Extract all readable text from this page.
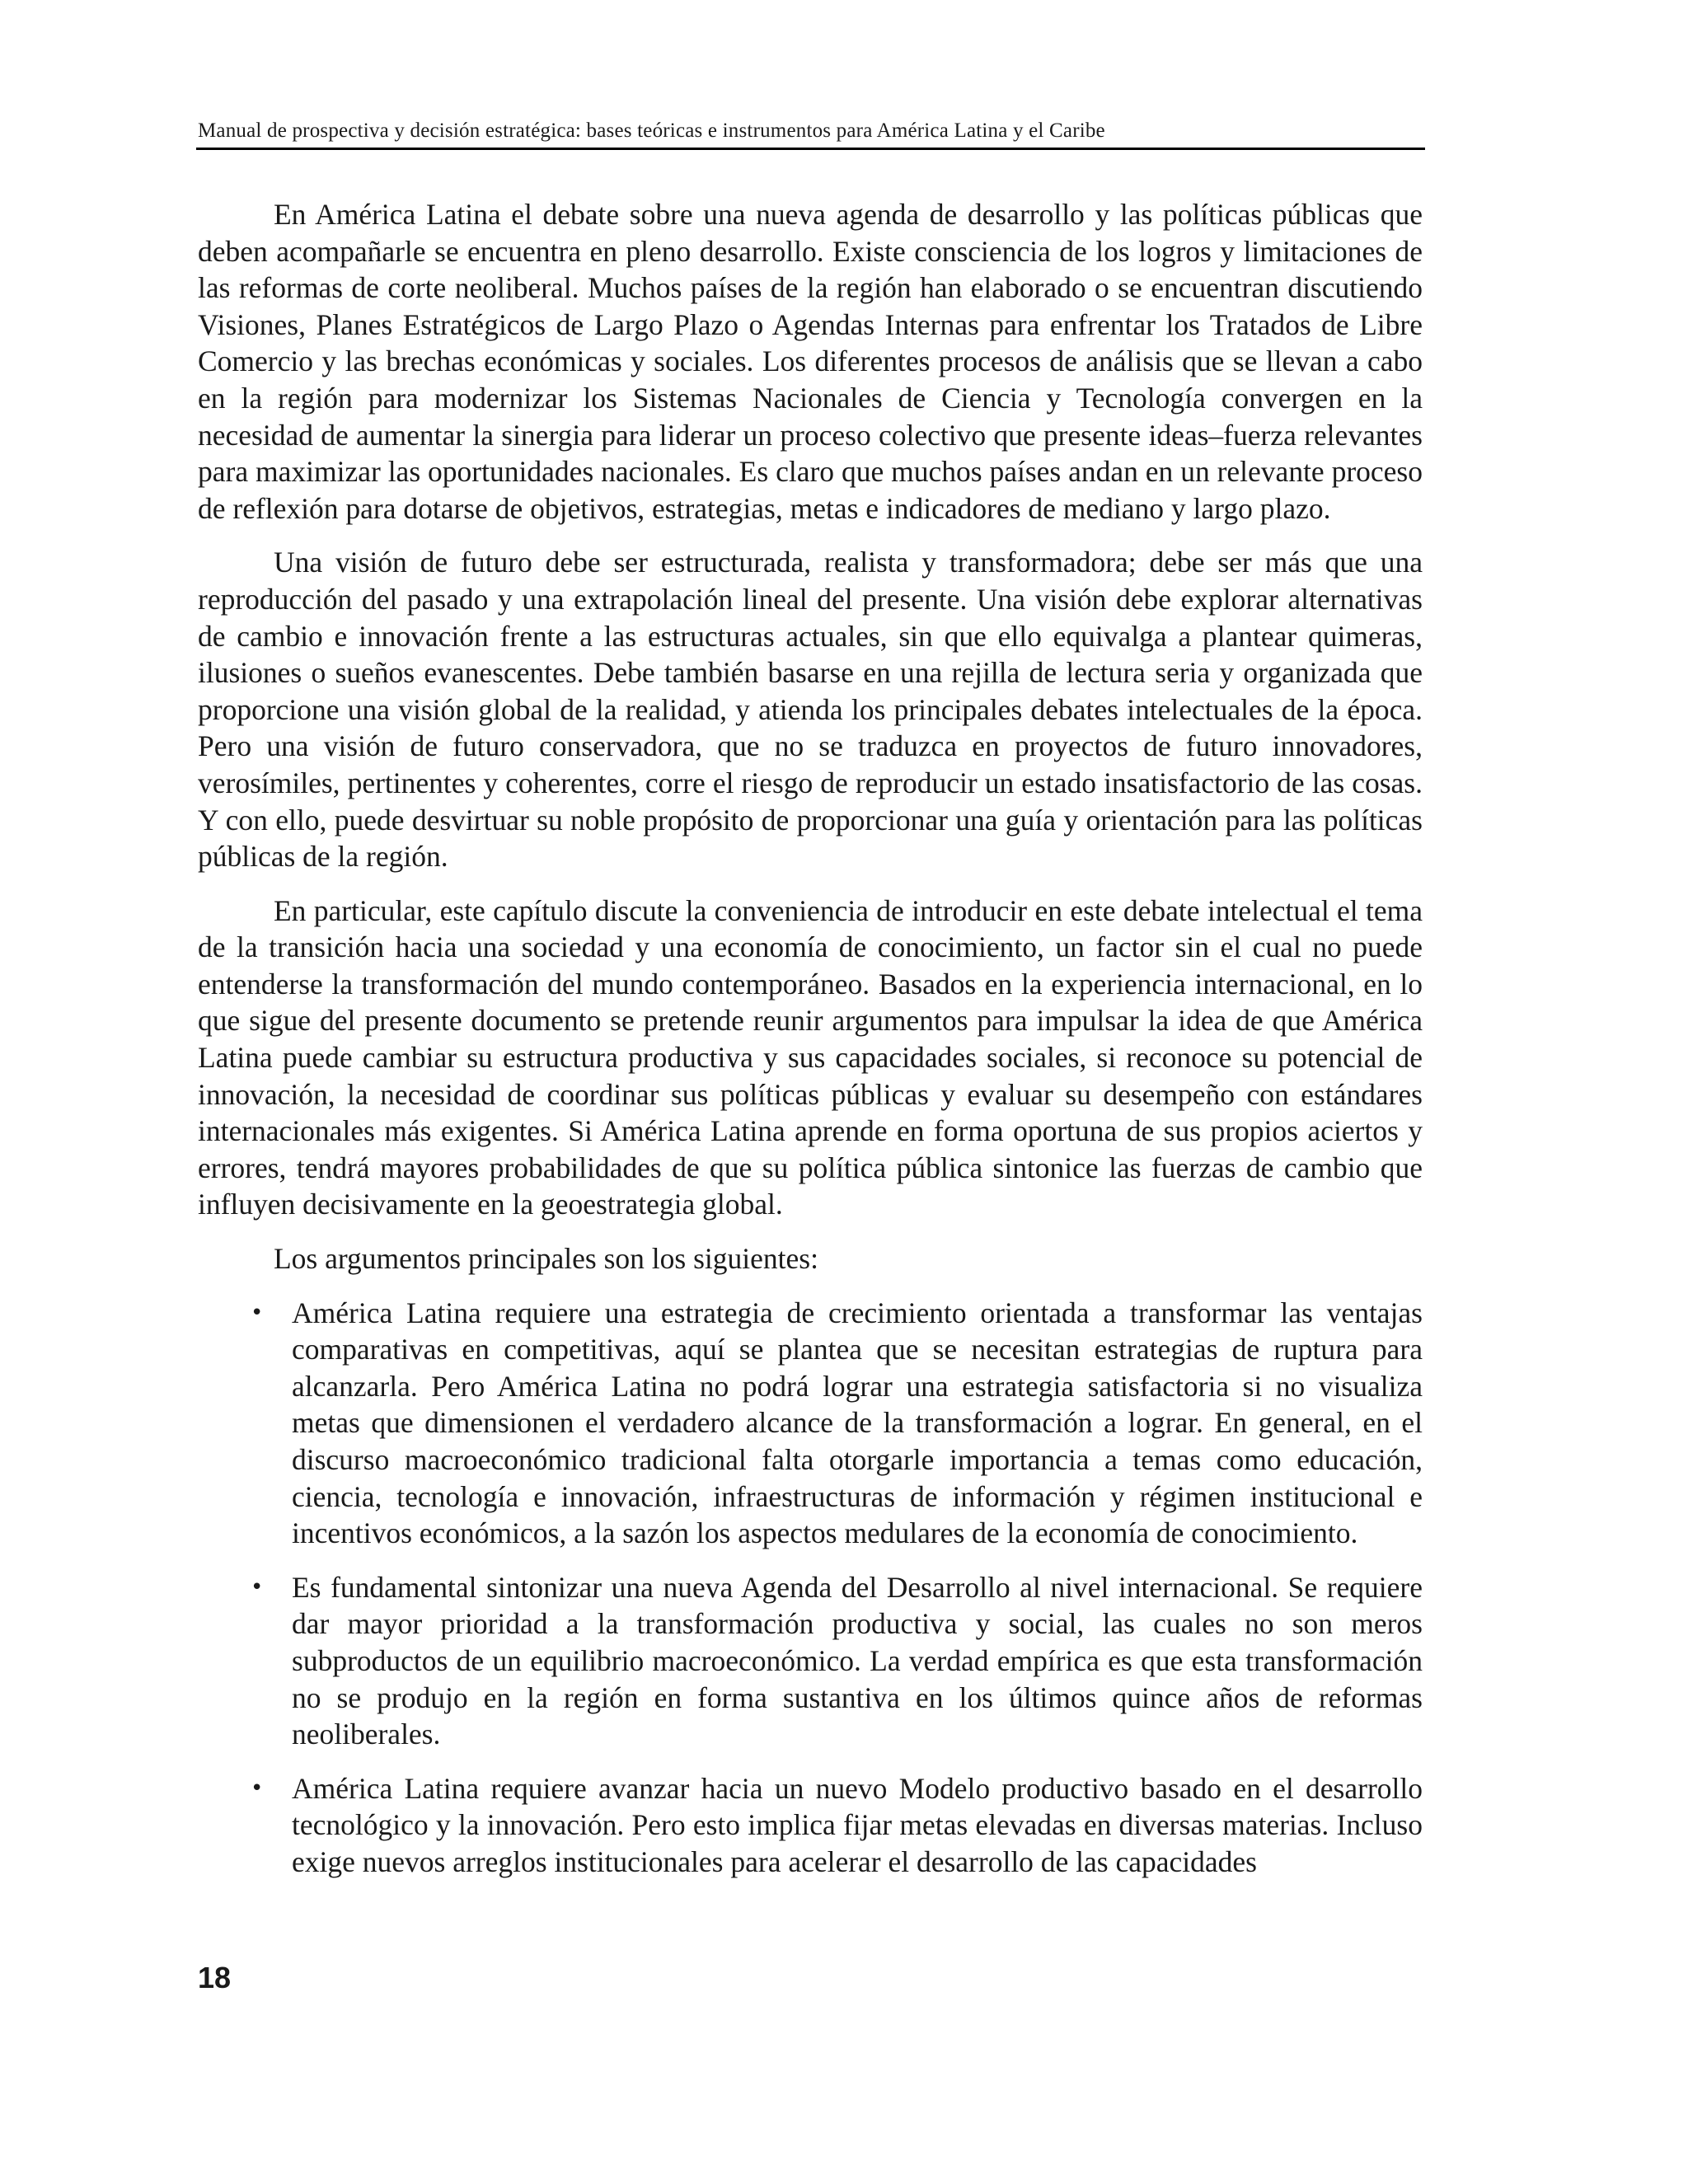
Manual de prospectiva y decisión estratégica: bases teóricas e instrumentos para América Latina y el Caribe

En América Latina el debate sobre una nueva agenda de desarrollo y las políticas públicas que deben acompañarle se encuentra en pleno desarrollo. Existe consciencia de los logros y limitaciones de las reformas de corte neoliberal. Muchos países de la región han elaborado o se encuentran discutiendo Visiones, Planes Estratégicos de Largo Plazo o Agendas Internas para enfrentar los Tratados de Libre Comercio y las brechas económicas y sociales. Los diferentes procesos de análisis que se llevan a cabo en la región para modernizar los Sistemas Nacionales de Ciencia y Tecnología convergen en la necesidad de aumentar la sinergia para liderar un proceso colectivo que presente ideas–fuerza relevantes para maximizar las oportunidades nacionales. Es claro que muchos países andan en un relevante proceso de reflexión para dotarse de objetivos, estrategias, metas e indicadores de mediano y largo plazo.

Una visión de futuro debe ser estructurada, realista y transformadora; debe ser más que una reproducción del pasado y una extrapolación lineal del presente. Una visión debe explorar alternativas de cambio e innovación frente a las estructuras actuales, sin que ello equivalga a plantear quimeras, ilusiones o sueños evanescentes. Debe también basarse en una rejilla de lectura seria y organizada que proporcione una visión global de la realidad, y atienda los principales debates intelectuales de la época. Pero una visión de futuro conservadora, que no se traduzca en proyectos de futuro innovadores, verosímiles, pertinentes y coherentes, corre el riesgo de reproducir un estado insatisfactorio de las cosas. Y con ello, puede desvirtuar su noble propósito de proporcionar una guía y orientación para las políticas públicas de la región.

En particular, este capítulo discute la conveniencia de introducir en este debate intelectual el tema de la transición hacia una sociedad y una economía de conocimiento, un factor sin el cual no puede entenderse la transformación del mundo contemporáneo. Basados en la experiencia internacional, en lo que sigue del presente documento se pretende reunir argumentos para impulsar la idea de que América Latina puede cambiar su estructura productiva y sus capacidades sociales, si reconoce su potencial de innovación, la necesidad de coordinar sus políticas públicas y evaluar su desempeño con estándares internacionales más exigentes. Si América Latina aprende en forma oportuna de sus propios aciertos y errores, tendrá mayores probabilidades de que su política pública sintonice las fuerzas de cambio que influyen decisivamente en la geoestrategia global.

Los argumentos principales son los siguientes:

• América Latina requiere una estrategia de crecimiento orientada a transformar las ventajas comparativas en competitivas, aquí se plantea que se necesitan estrategias de ruptura para alcanzarla. Pero América Latina no podrá lograr una estrategia satisfactoria si no visualiza metas que dimensionen el verdadero alcance de la transformación a lograr. En general, en el discurso macroeconómico tradicional falta otorgarle importancia a temas como educación, ciencia, tecnología e innovación, infraestructuras de información y régimen institucional e incentivos económicos, a la sazón los aspectos medulares de la economía de conocimiento.
• Es fundamental sintonizar una nueva Agenda del Desarrollo al nivel internacional. Se requiere dar mayor prioridad a la transformación productiva y social, las cuales no son meros subproductos de un equilibrio macroeconómico. La verdad empírica es que esta transformación no se produjo en la región en forma sustantiva en los últimos quince años de reformas neoliberales.
• América Latina requiere avanzar hacia un nuevo Modelo productivo basado en el desarrollo tecnológico y la innovación. Pero esto implica fijar metas elevadas en diversas materias. Incluso exige nuevos arreglos institucionales para acelerar el desarrollo de las capacidades
18
